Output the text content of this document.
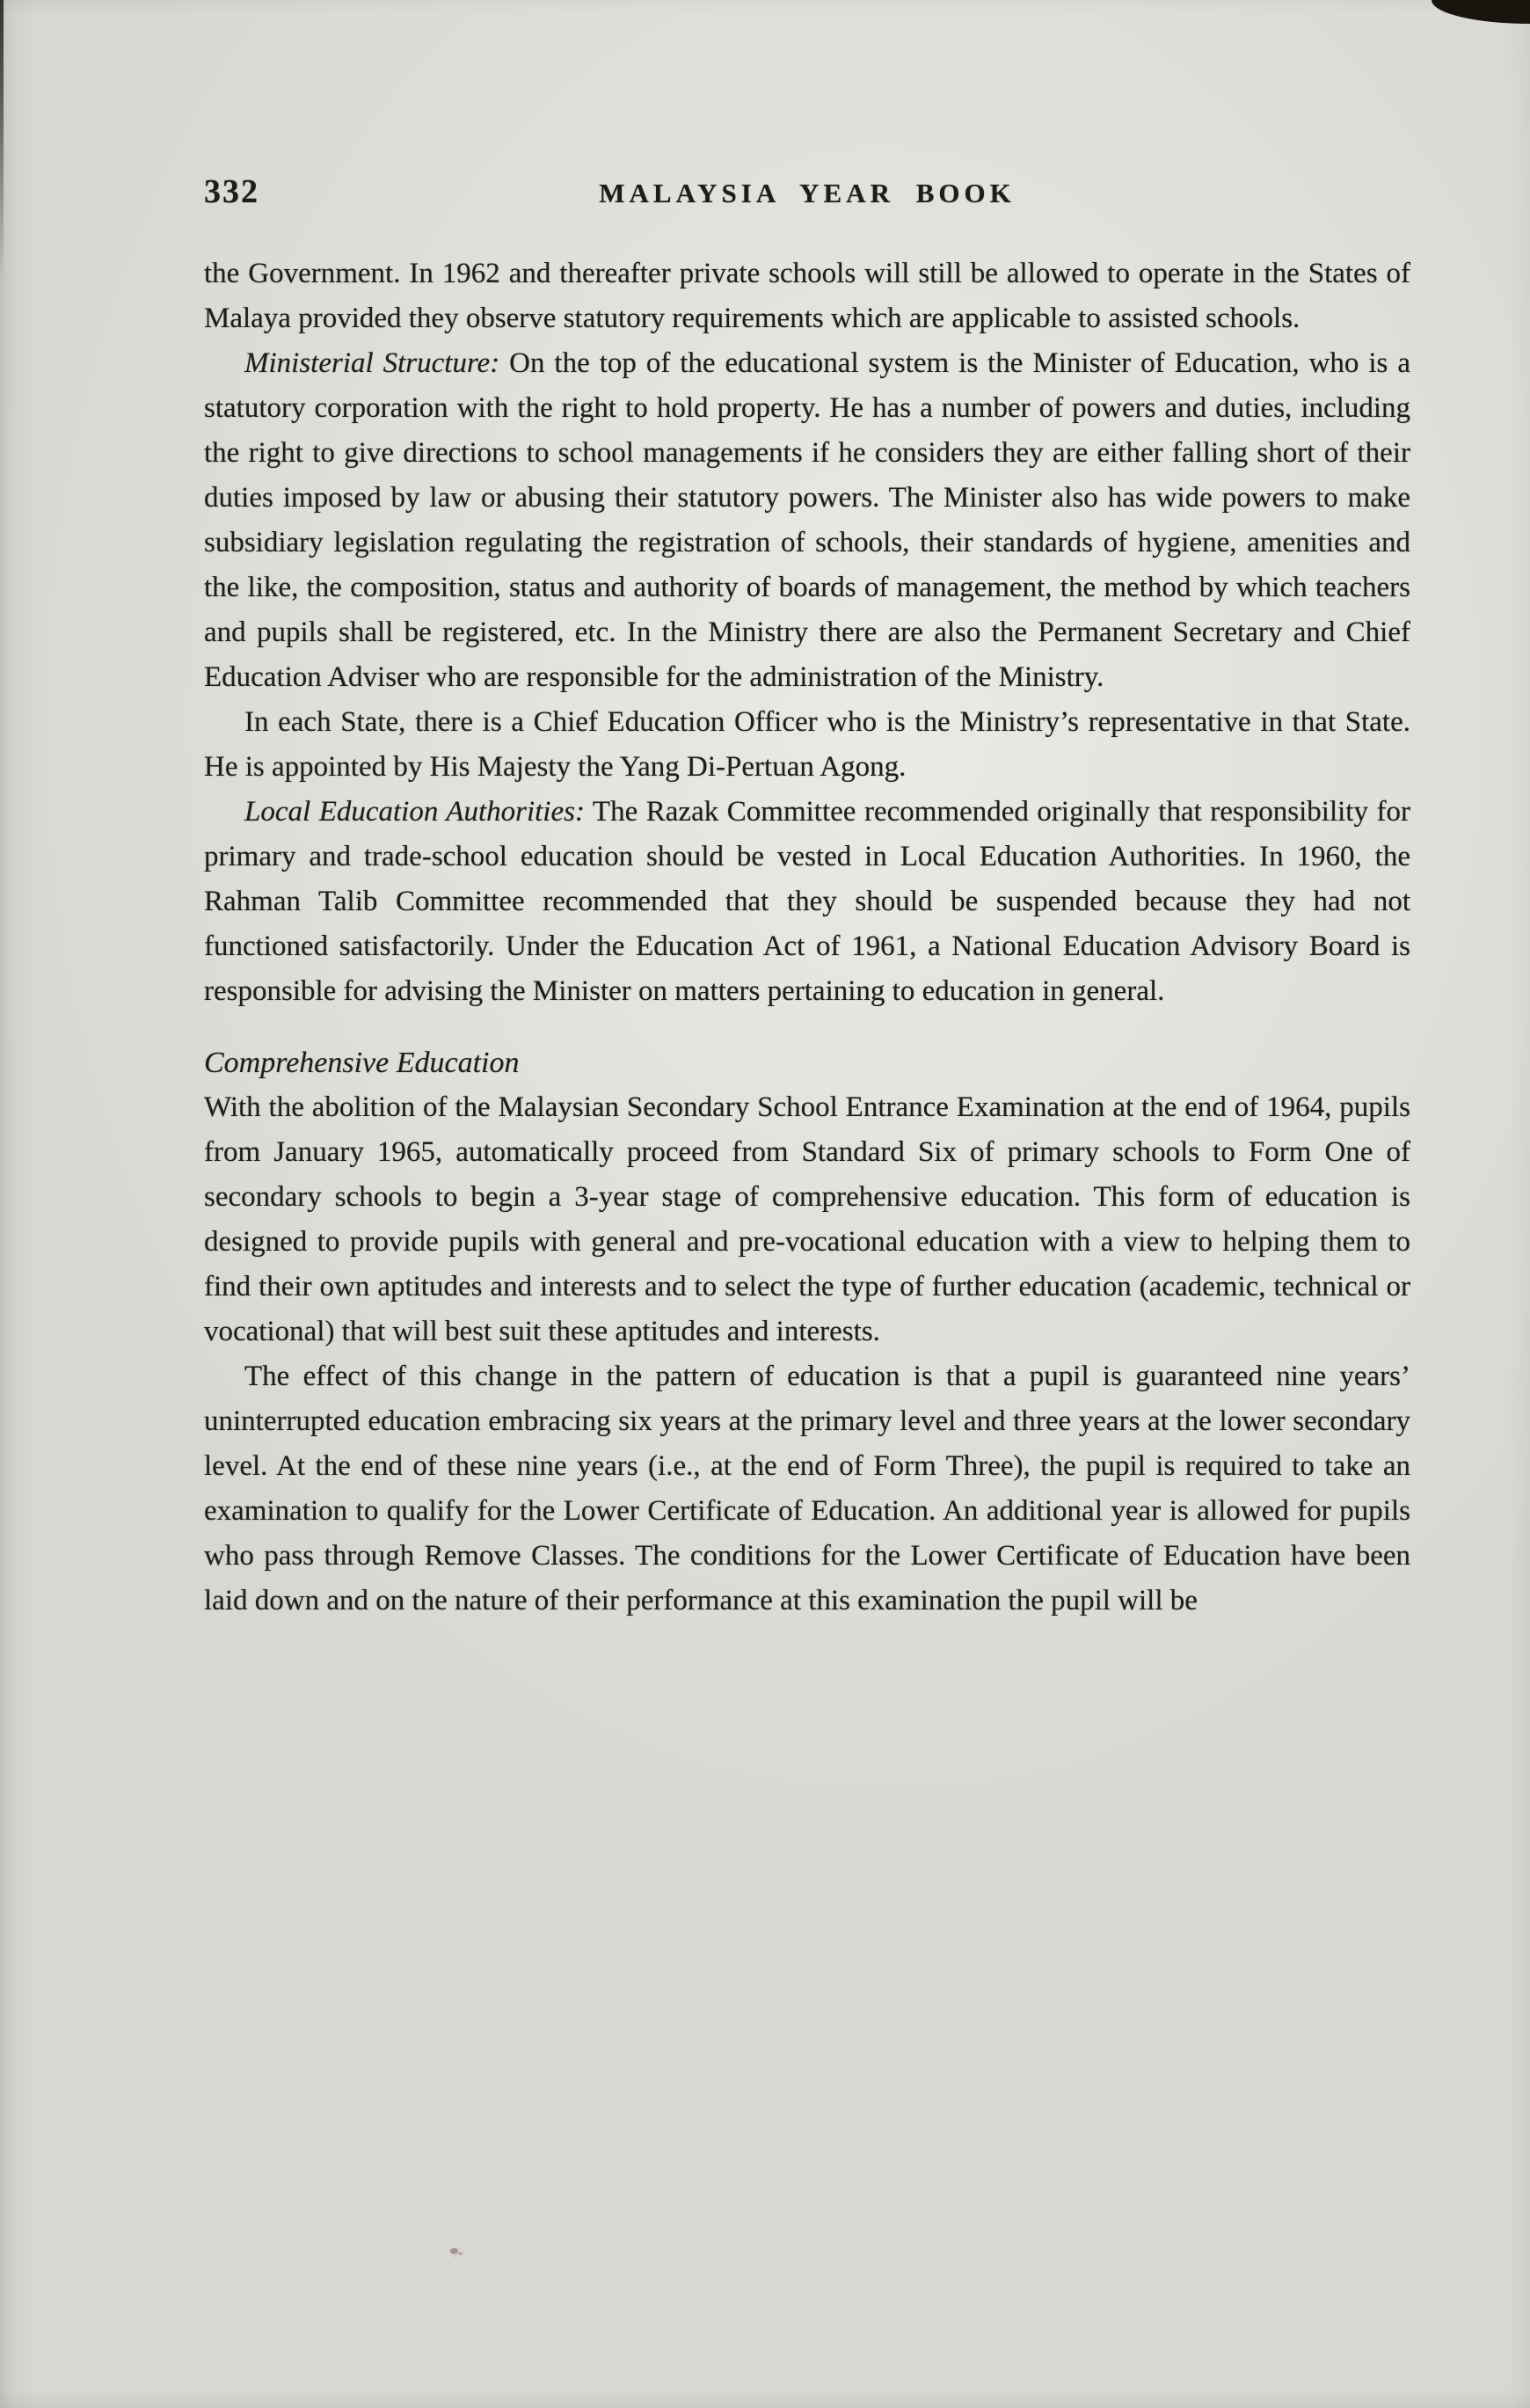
332	MALAYSIA YEAR BOOK

the Government. In 1962 and thereafter private schools will still be allowed to operate in the States of Malaya provided they observe statutory requirements which are applicable to assisted schools.

Ministerial Structure: On the top of the educational system is the Minister of Education, who is a statutory corporation with the right to hold property. He has a number of powers and duties, including the right to give directions to school managements if he considers they are either falling short of their duties imposed by law or abusing their statutory powers. The Minister also has wide powers to make subsidiary legislation regulating the registration of schools, their standards of hygiene, amenities and the like, the composition, status and authority of boards of management, the method by which teachers and pupils shall be registered, etc. In the Ministry there are also the Permanent Secretary and Chief Education Adviser who are responsible for the administration of the Ministry.

In each State, there is a Chief Education Officer who is the Ministry’s representative in that State. He is appointed by His Majesty the Yang Di-Pertuan Agong.

Local Education Authorities: The Razak Committee recommended originally that responsibility for primary and trade-school education should be vested in Local Education Authorities. In 1960, the Rahman Talib Committee recommended that they should be suspended because they had not functioned satisfactorily. Under the Education Act of 1961, a National Education Advisory Board is responsible for advising the Minister on matters pertaining to education in general.

Comprehensive Education

With the abolition of the Malaysian Secondary School Entrance Examination at the end of 1964, pupils from January 1965, automatically proceed from Standard Six of primary schools to Form One of secondary schools to begin a 3-year stage of comprehensive education. This form of education is designed to provide pupils with general and pre-vocational education with a view to helping them to find their own aptitudes and interests and to select the type of further education (academic, technical or vocational) that will best suit these aptitudes and interests.

The effect of this change in the pattern of education is that a pupil is guaranteed nine years’ uninterrupted education embracing six years at the primary level and three years at the lower secondary level. At the end of these nine years (i.e., at the end of Form Three), the pupil is required to take an examination to qualify for the Lower Certificate of Education. An additional year is allowed for pupils who pass through Remove Classes. The conditions for the Lower Certificate of Education have been laid down and on the nature of their performance at this examination the pupil will be
